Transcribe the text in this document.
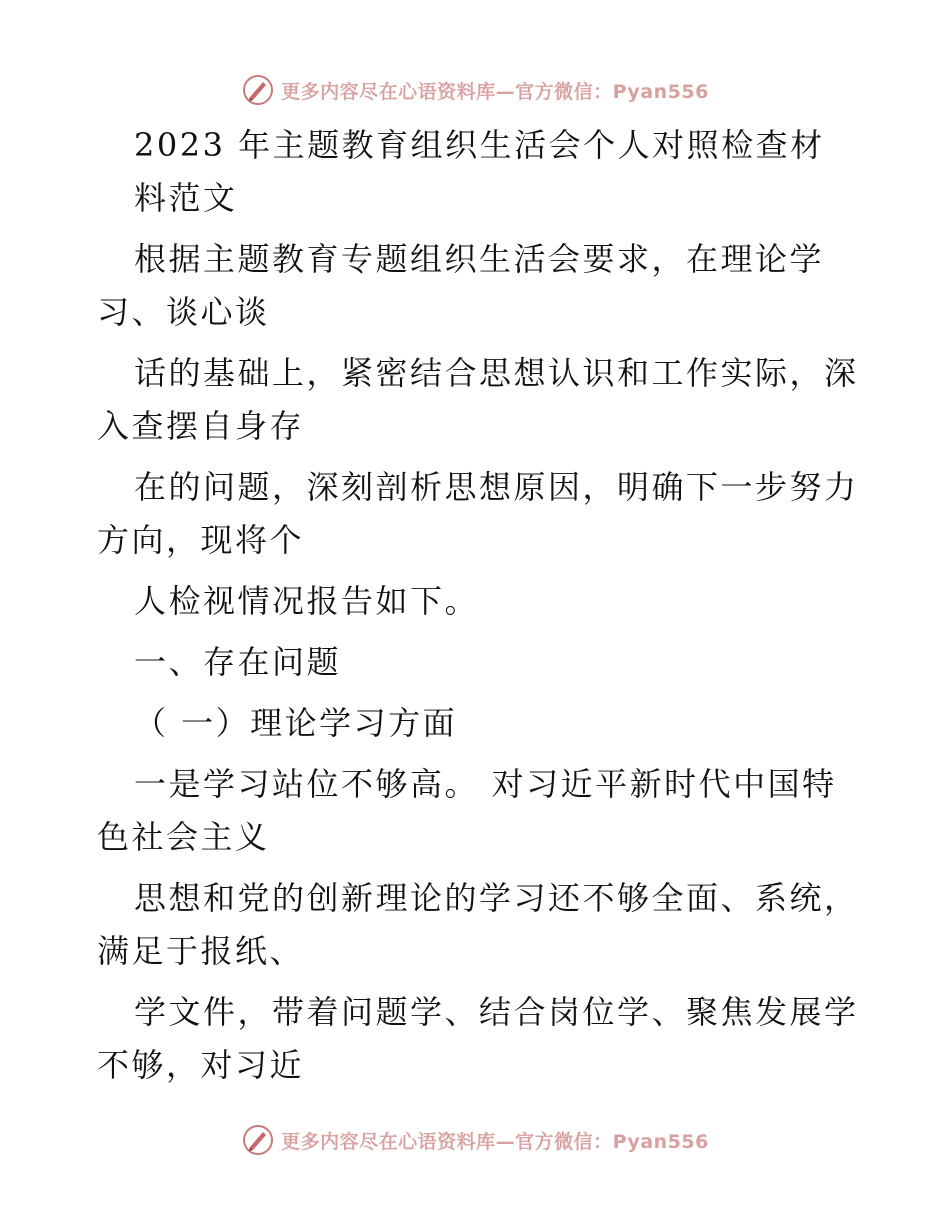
更多内容尽在心语资料库—官方微信：Pyan556
2023 年主题教育组织生活会个人对照检查材
料范文
根据主题教育专题组织生活会要求，在理论学
习、谈心谈
话的基础上，紧密结合思想认识和工作实际，深
入查摆自身存
在的问题，深刻剖析思想原因，明确下一步努力
方向，现将个
人检视情况报告如下。
一、存在问题
（ 一）理论学习方面
一是学习站位不够高。 对习近平新时代中国特
色社会主义
思想和党的创新理论的学习还不够全面、系统，
满足于报纸、
学文件，带着问题学、结合岗位学、聚焦发展学
不够，对习近
更多内容尽在心语资料库—官方微信：Pyan556
